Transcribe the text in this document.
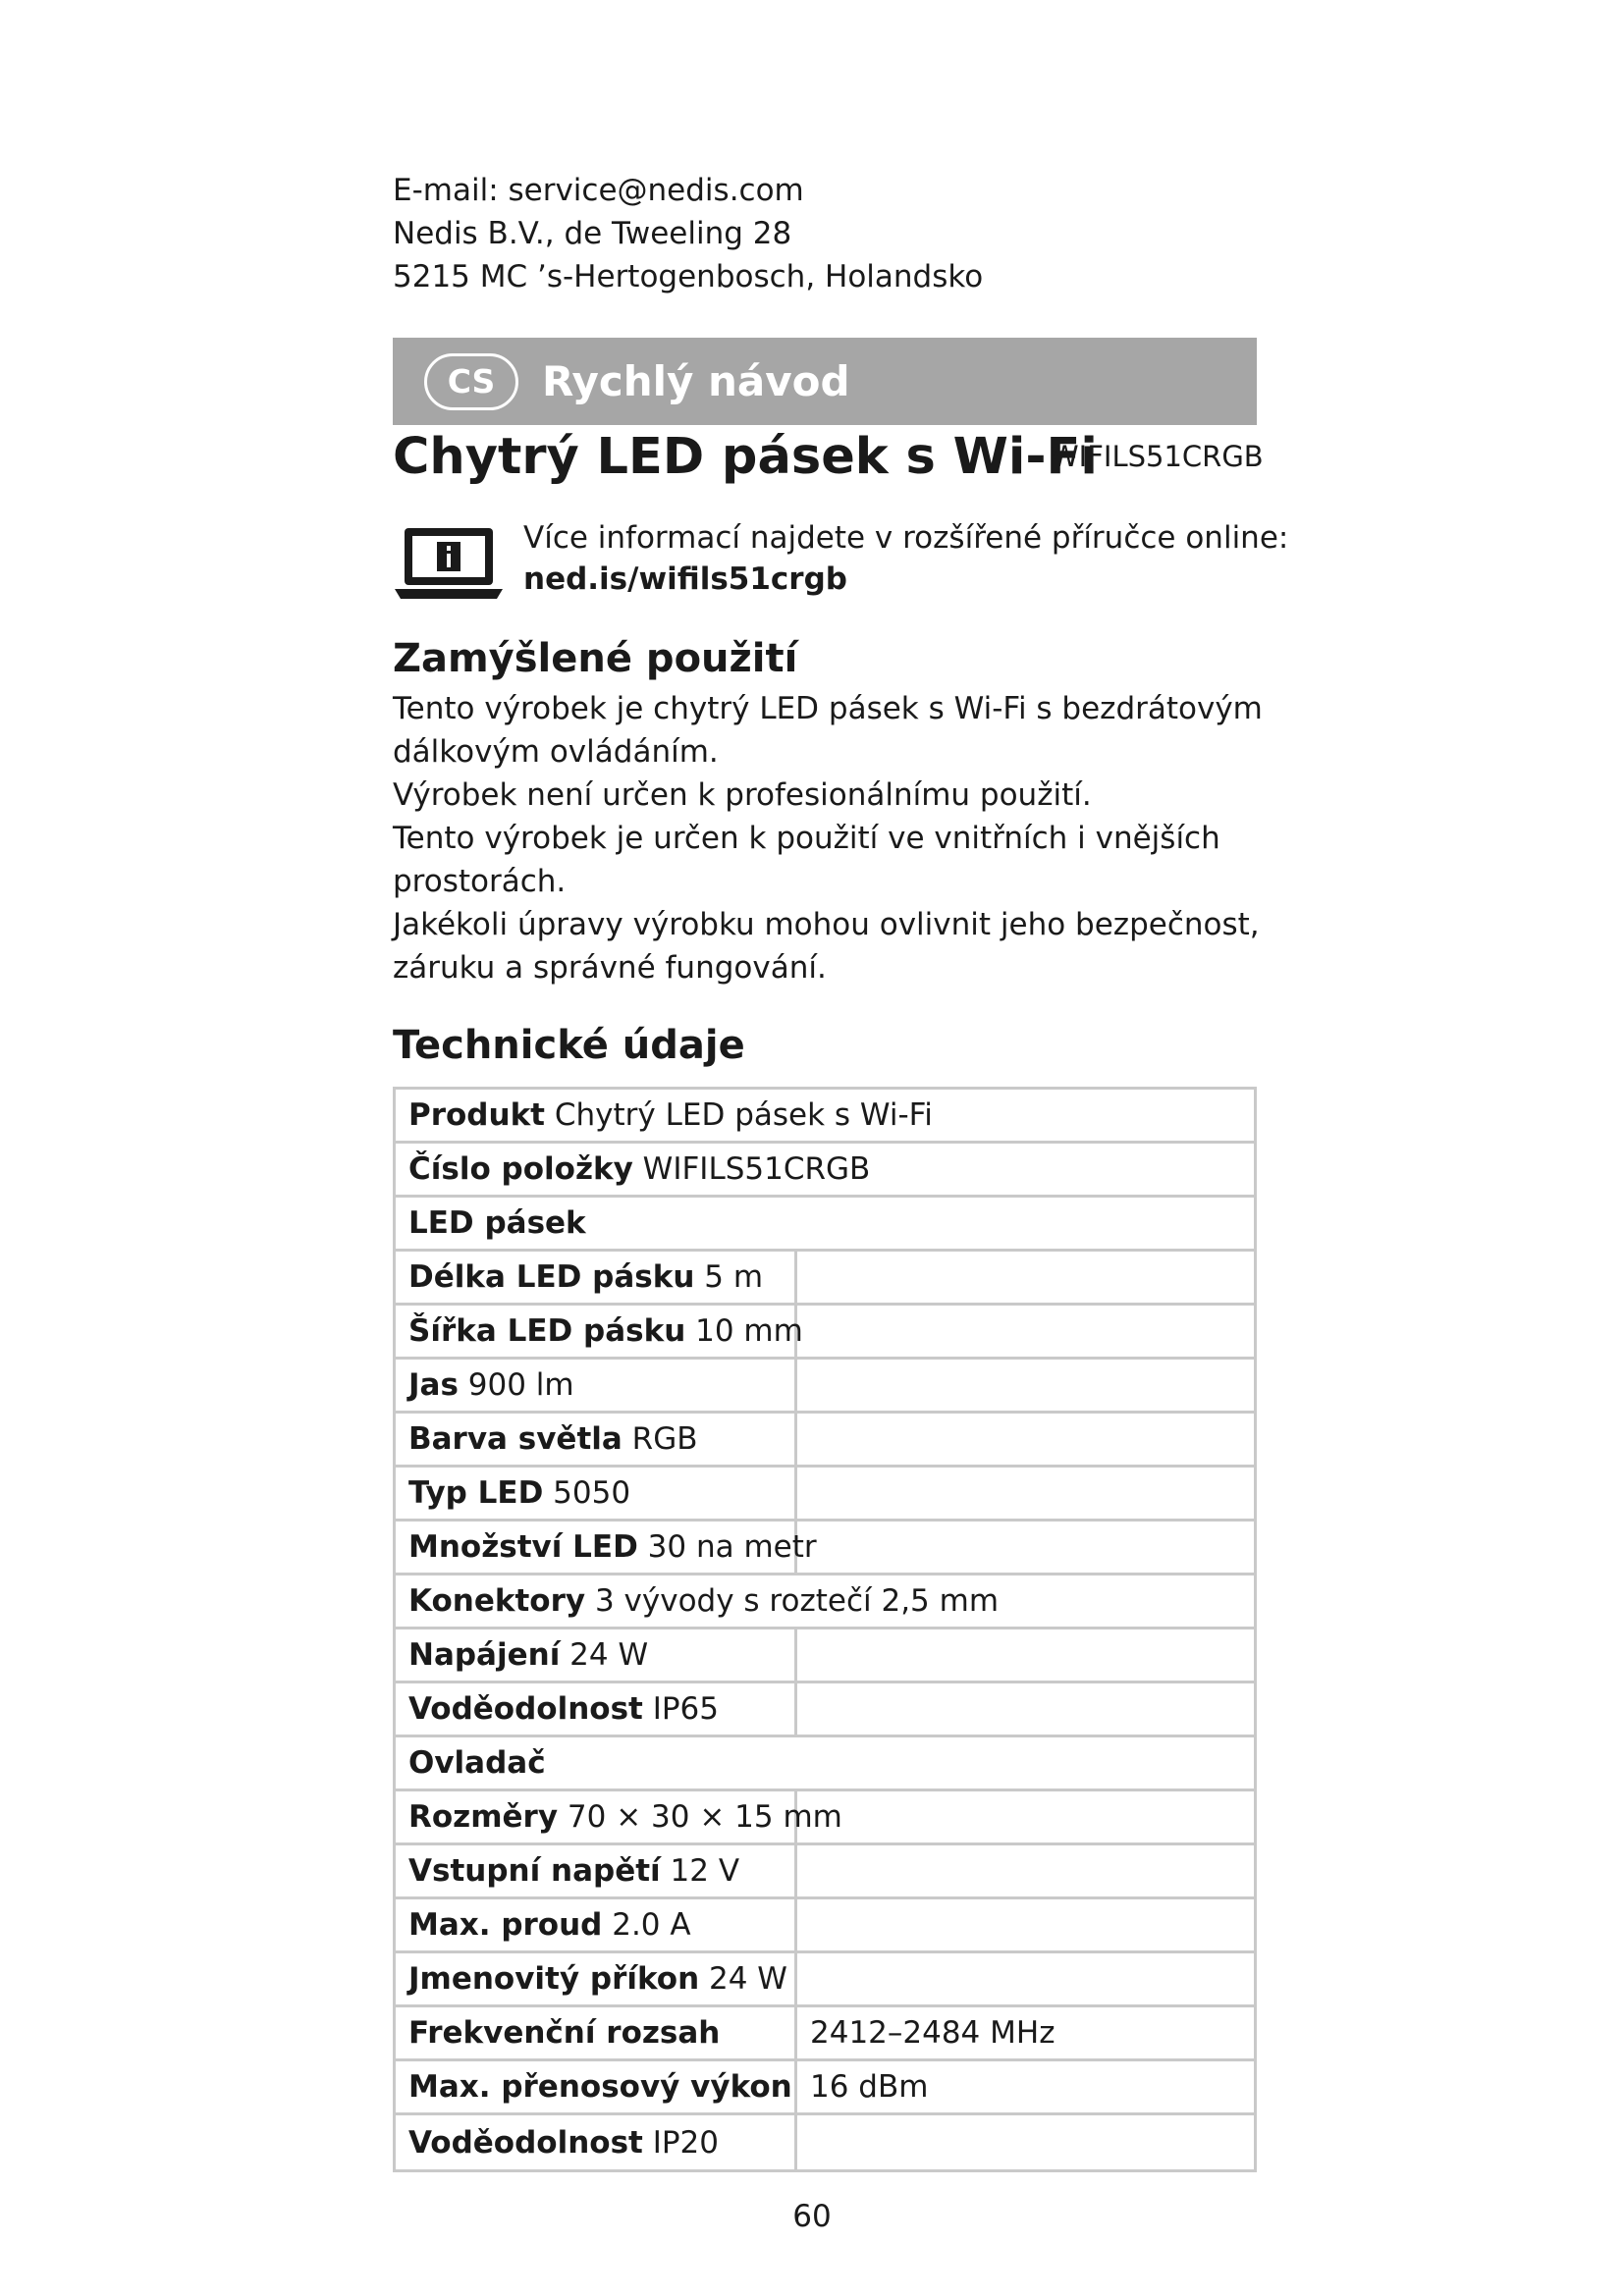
E-mail: service@nedis.com
Nedis B.V., de Tweeling 28
5215 MC ’s-Hertogenbosch, Holandsko
CS	Rychlý návod
Chytrý LED pásek s Wi-Fi
WIFILS51CRGB
Více informací najdete v rozšířené příručce online:
ned.is/wifils51crgb
Zamýšlené použití
Tento výrobek je chytrý LED pásek s Wi-Fi s bezdrátovým
dálkovým ovládáním.
Výrobek není určen k profesionálnímu použití.
Tento výrobek je určen k použití ve vnitřních i vnějších
prostorách.
Jakékoli úpravy výrobku mohou ovlivnit jeho bezpečnost,
záruku a správné fungování.
Technické údaje
Produkt Chytrý LED pásek s Wi-Fi
Číslo položky WIFILS51CRGB
LED pásek
Délka LED pásku 5 m
Šířka LED pásku 10 mm
Jas 900 lm
Barva světla RGB
Typ LED 5050
Množství LED 30 na metr
Konektory 3 vývody s roztečí 2,5 mm
Napájení 24 W
Voděodolnost IP65
Ovladač
Rozměry 70 × 30 × 15 mm
Vstupní napětí 12 V
Max. proud 2.0 A
Jmenovitý příkon 24 W
Frekvenční rozsah	2412–2484 MHz
Max. přenosový výkon 16 dBm
Voděodolnost IP20
60
